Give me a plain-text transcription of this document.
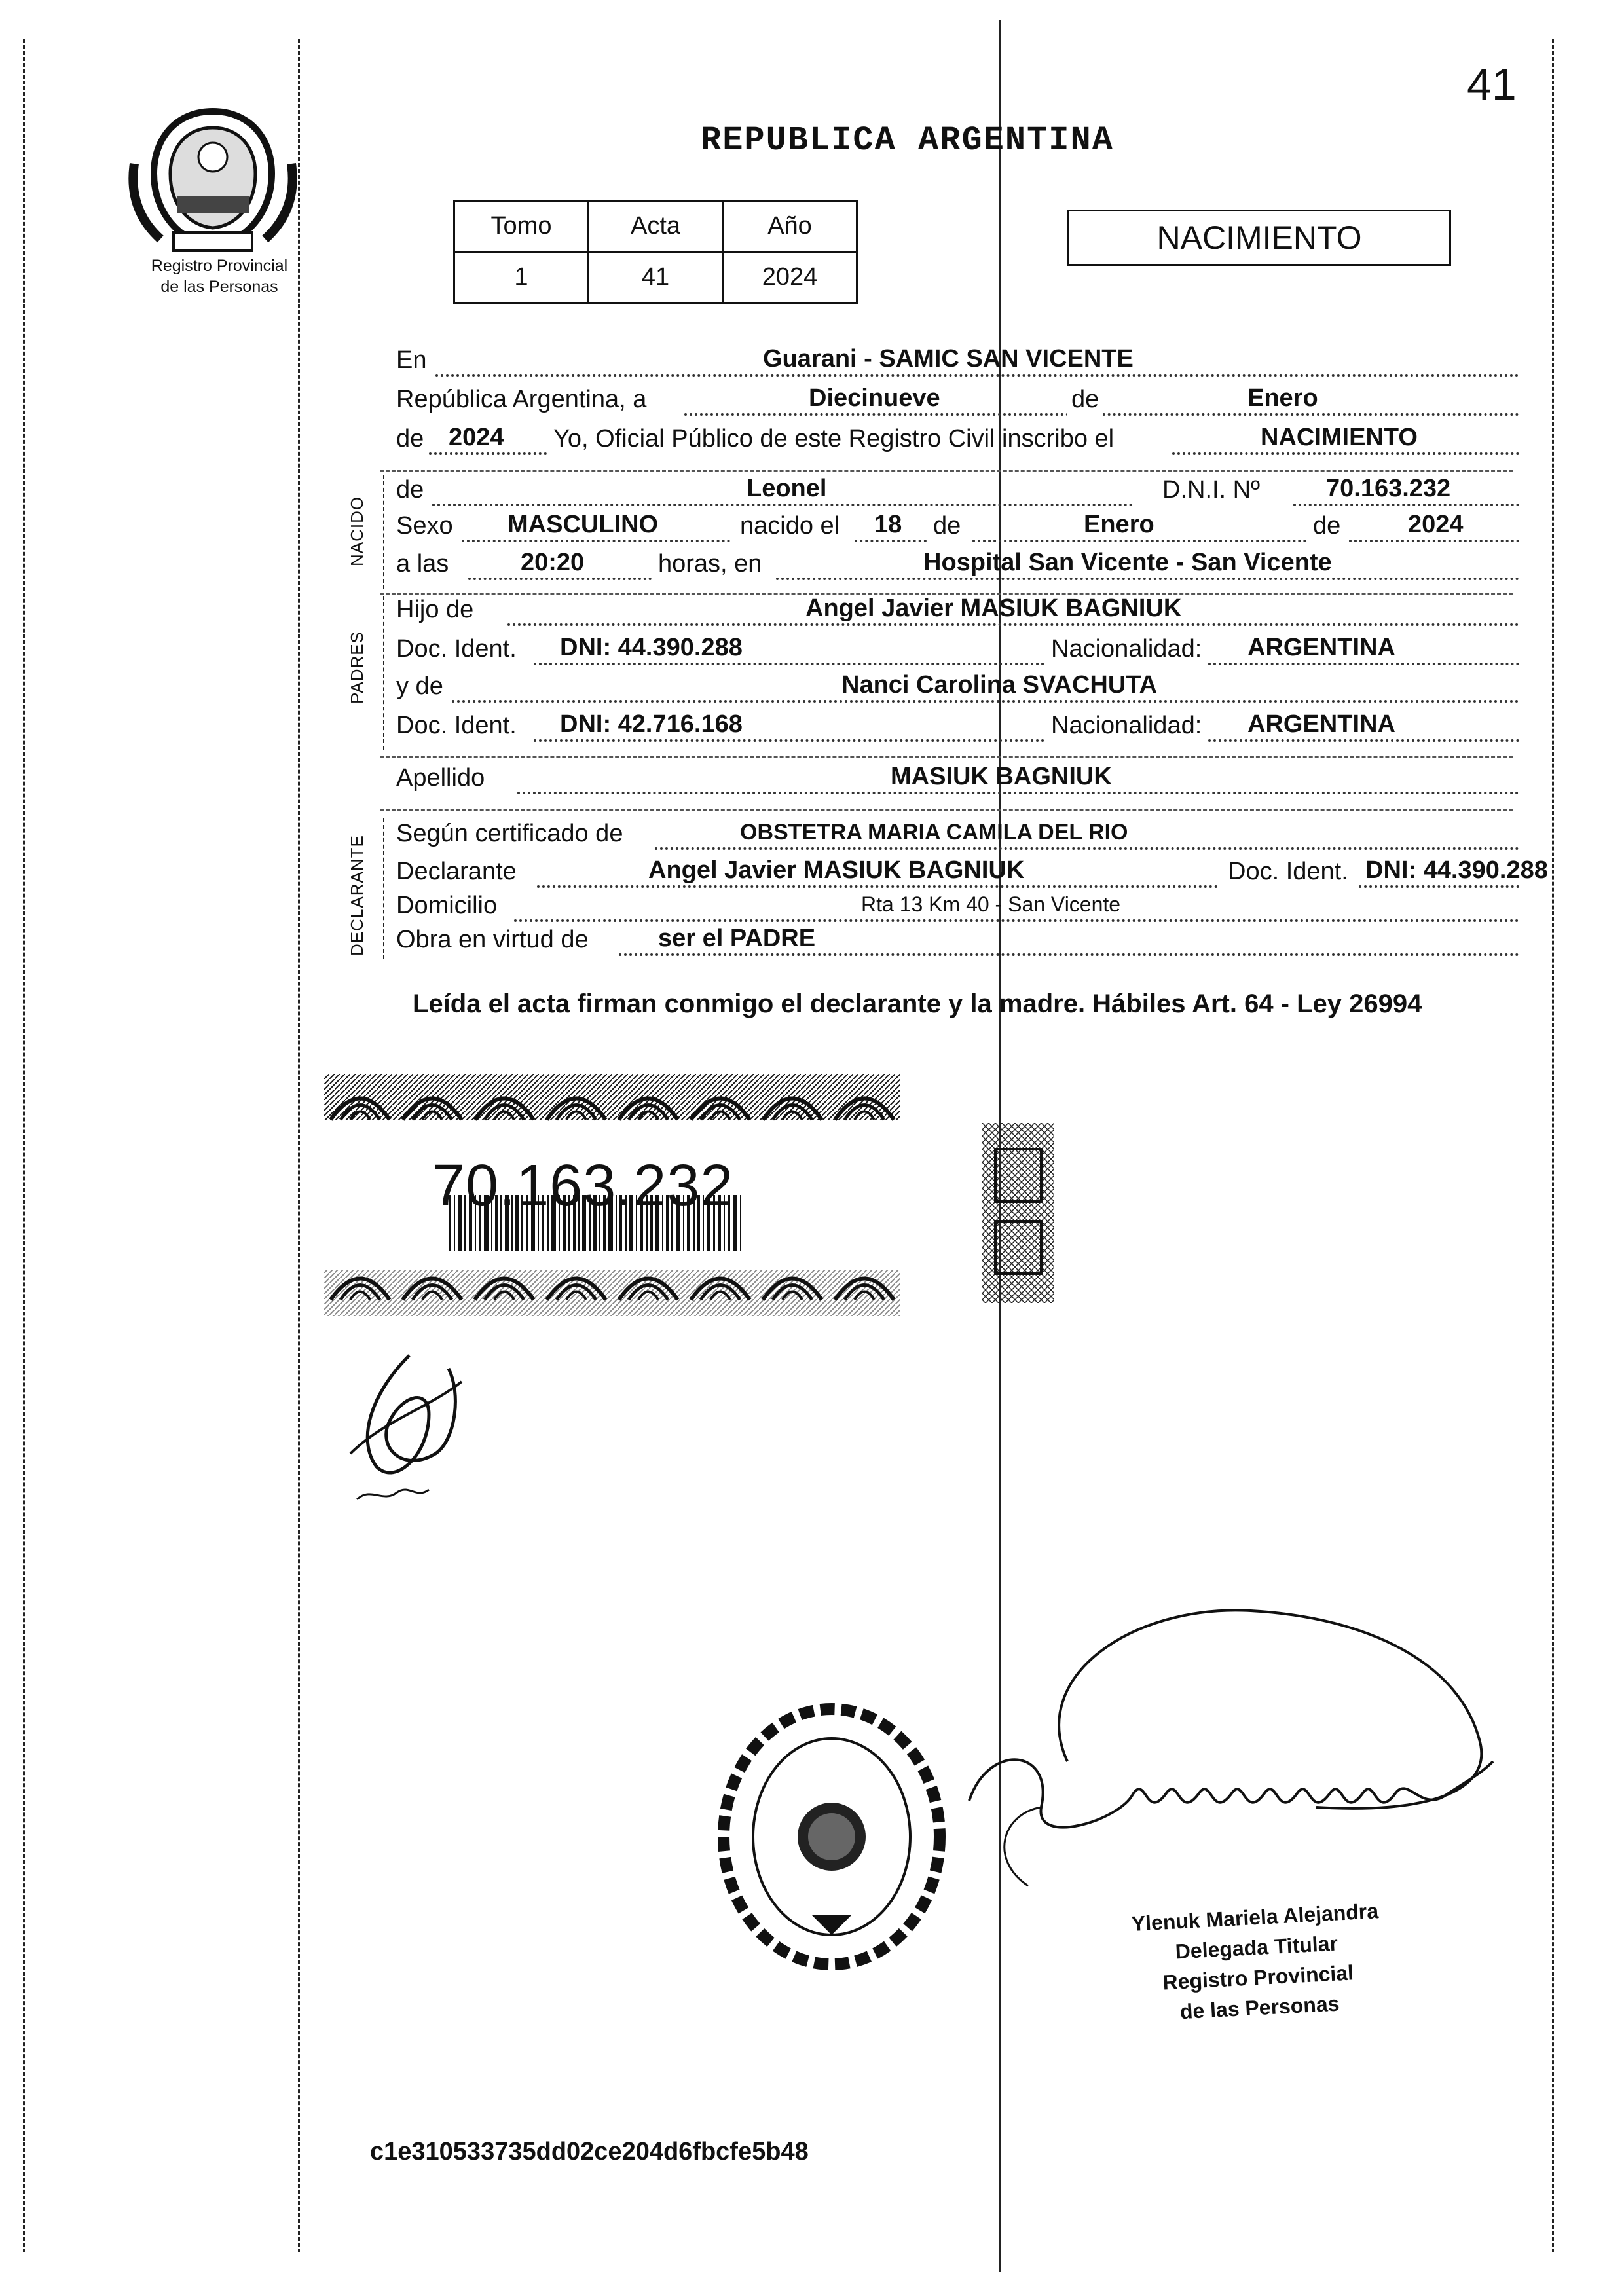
41
Registro Provincial
de las Personas
REPUBLICA ARGENTINA
Tomo	Acta	Año
1	41	2024
NACIMIENTO
En	Guarani - SAMIC SAN VICENTE
República Argentina, a	Diecinueve	de	Enero
de 2024 Yo, Oficial Público de este Registro Civil inscribo el	NACIMIENTO
NACIDO
de	Leonel	D.N.I. Nº	70.163.232
Sexo MASCULINO	nacido el 18 de	Enero	de	2024
a las	20:20	horas, en	Hospital San Vicente - San Vicente
PADRES
Hijo de	Angel Javier MASIUK BAGNIUK
Doc. Ident. DNI: 44.390.288	Nacionalidad: ARGENTINA
y de	Nanci Carolina SVACHUTA
Doc. Ident. DNI: 42.716.168	Nacionalidad: ARGENTINA
Apellido	MASIUK BAGNIUK
DECLARANTE
Según certificado de	OBSTETRA MARIA CAMILA DEL RIO
Declarante	Angel Javier MASIUK BAGNIUK	Doc. Ident. DNI: 44.390.288
Domicilio	Rta 13 Km 40 - San Vicente
Obra en virtud de	ser el PADRE
Leída el acta firman conmigo el declarante y la madre. Hábiles Art. 64 - Ley 26994
70.163.232
Ylenuk Mariela Alejandra
Delegada Titular
Registro Provincial
de las Personas
c1e310533735dd02ce204d6fbcfe5b48
